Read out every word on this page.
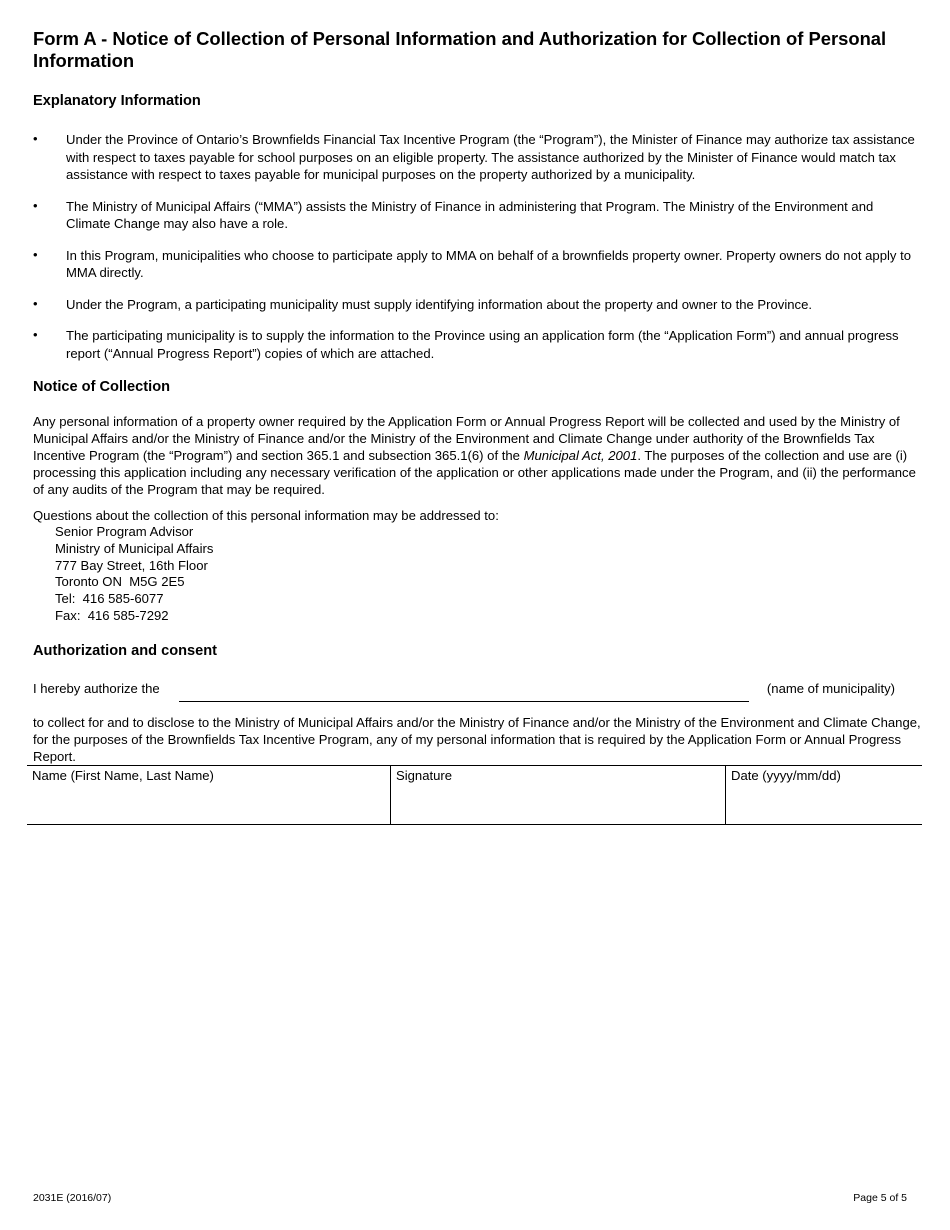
Form A - Notice of Collection of Personal Information and Authorization for Collection of Personal Information
Explanatory Information
• Under the Province of Ontario’s Brownfields Financial Tax Incentive Program (the “Program”), the Minister of Finance may authorize tax assistance with respect to taxes payable for school purposes on an eligible property. The assistance authorized by the Minister of Finance would match tax assistance with respect to taxes payable for municipal purposes on the property authorized by a municipality.
• The Ministry of Municipal Affairs (“MMA”) assists the Ministry of Finance in administering that Program. The Ministry of the Environment and Climate Change may also have a role.
• In this Program, municipalities who choose to participate apply to MMA on behalf of a brownfields property owner. Property owners do not apply to MMA directly.
• Under the Program, a participating municipality must supply identifying information about the property and owner to the Province.
• The participating municipality is to supply the information to the Province using an application form (the “Application Form”) and annual progress report (“Annual Progress Report”) copies of which are attached.
Notice of Collection

Any personal information of a property owner required by the Application Form or Annual Progress Report will be collected and used by the Ministry of Municipal Affairs and/or the Ministry of Finance and/or the Ministry of the Environment and Climate Change under authority of the Brownfields Tax Incentive Program (the “Program”) and section 365.1 and subsection 365.1(6) of the Municipal Act, 2001. The purposes of the collection and use are (i) processing this application including any necessary verification of the application or other applications made under the Program, and (ii) the performance of any audits of the Program that may be required.

Questions about the collection of this personal information may be addressed to:

Senior Program Advisor
Ministry of Municipal Affairs
777 Bay Street, 16th Floor
Toronto ON  M5G 2E5
Tel:  416 585-6077
Fax:  416 585-7292
Authorization and consent
I hereby authorize the	(name of municipality)

to collect for and to disclose to the Ministry of Municipal Affairs and/or the Ministry of Finance and/or the Ministry of the Environment and Climate Change, for the purposes of the Brownfields Tax Incentive Program, any of my personal information that is required by the Application Form or Annual Progress Report.

Name (First Name, Last Name)	Signature	Date (yyyy/mm/dd)
2031E (2016/07)	Page 5 of 5
